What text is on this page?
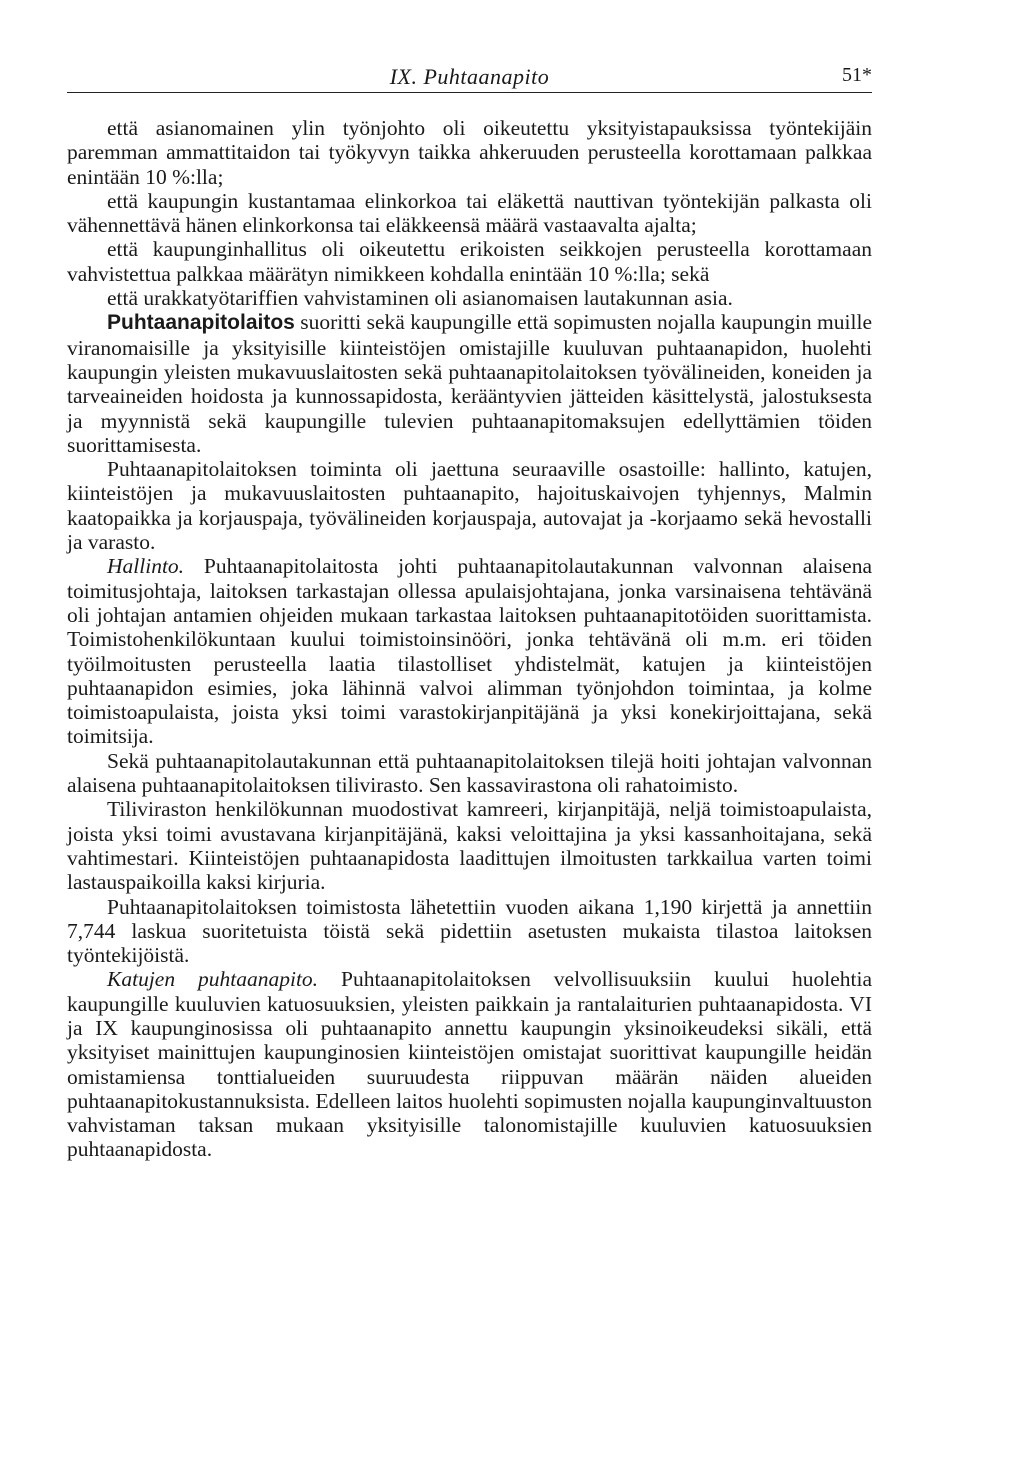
IX. Puhtaanapito	51*

että asianomainen ylin työnjohto oli oikeutettu yksityistapauksissa työntekijäin paremman ammattitaidon tai työkyvyn taikka ahkeruuden perusteella korottamaan palkkaa enintään 10 %:lla;

että kaupungin kustantamaa elinkorkoa tai eläkettä nauttivan työntekijän palkasta oli vähennettävä hänen elinkorkonsa tai eläkkeensä määrä vastaavalta ajalta;

että kaupunginhallitus oli oikeutettu erikoisten seikkojen perusteella korottamaan vahvistettua palkkaa määrätyn nimikkeen kohdalla enintään 10 %:lla; sekä

että urakkatyötariffien vahvistaminen oli asianomaisen lautakunnan asia.

Puhtaanapitolaitos suoritti sekä kaupungille että sopimusten nojalla kaupungin muille viranomaisille ja yksityisille kiinteistöjen omistajille kuuluvan puhtaanapidon, huolehti kaupungin yleisten mukavuuslaitosten sekä puhtaanapitolaitoksen työvälineiden, koneiden ja tarveaineiden hoidosta ja kunnossapidosta, kerääntyvien jätteiden käsittelystä, jalostuksesta ja myynnistä sekä kaupungille tulevien puhtaanapitomaksujen edellyttämien töiden suorittamisesta.

Puhtaanapitolaitoksen toiminta oli jaettuna seuraaville osastoille: hallinto, katujen, kiinteistöjen ja mukavuuslaitosten puhtaanapito, hajoituskaivojen tyhjennys, Malmin kaatopaikka ja korjauspaja, työvälineiden korjauspaja, autovajat ja -korjaamo sekä hevostalli ja varasto.

Hallinto. Puhtaanapitolaitosta johti puhtaanapitolautakunnan valvonnan alaisena toimitusjohtaja, laitoksen tarkastajan ollessa apulaisjohtajana, jonka varsinaisena tehtävänä oli johtajan antamien ohjeiden mukaan tarkastaa laitoksen puhtaanapitotöiden suorittamista. Toimistohenkilökuntaan kuului toimistoinsinööri, jonka tehtävänä oli m.m. eri töiden työilmoitusten perusteella laatia tilastolliset yhdistelmät, katujen ja kiinteistöjen puhtaanapidon esimies, joka lähinnä valvoi alimman työnjohdon toimintaa, ja kolme toimistoapulaista, joista yksi toimi varastokirjanpitäjänä ja yksi konekirjoittajana, sekä toimitsija.

Sekä puhtaanapitolautakunnan että puhtaanapitolaitoksen tilejä hoiti johtajan valvonnan alaisena puhtaanapitolaitoksen tilivirasto. Sen kassavirastona oli rahatoimisto.

Tiliviraston henkilökunnan muodostivat kamreeri, kirjanpitäjä, neljä toimistoapulaista, joista yksi toimi avustavana kirjanpitäjänä, kaksi veloittajina ja yksi kassanhoitajana, sekä vahtimestari. Kiinteistöjen puhtaanapidosta laadittujen ilmoitusten tarkkailua varten toimi lastauspaikoilla kaksi kirjuria.

Puhtaanapitolaitoksen toimistosta lähetettiin vuoden aikana 1,190 kirjettä ja annettiin 7,744 laskua suoritetuista töistä sekä pidettiin asetusten mukaista tilastoa laitoksen työntekijöistä.

Katujen puhtaanapito. Puhtaanapitolaitoksen velvollisuuksiin kuului huolehtia kaupungille kuuluvien katuosuuksien, yleisten paikkain ja rantalaiturien puhtaanapidosta. VI ja IX kaupunginosissa oli puhtaanapito annettu kaupungin yksinoikeudeksi sikäli, että yksityiset mainittujen kaupunginosien kiinteistöjen omistajat suorittivat kaupungille heidän omistamiensa tonttialueiden suuruudesta riippuvan määrän näiden alueiden puhtaanapitokustannuksista. Edelleen laitos huolehti sopimusten nojalla kaupunginvaltuuston vahvistaman taksan mukaan yksityisille talonomistajille kuuluvien katuosuuksien puhtaanapidosta.
